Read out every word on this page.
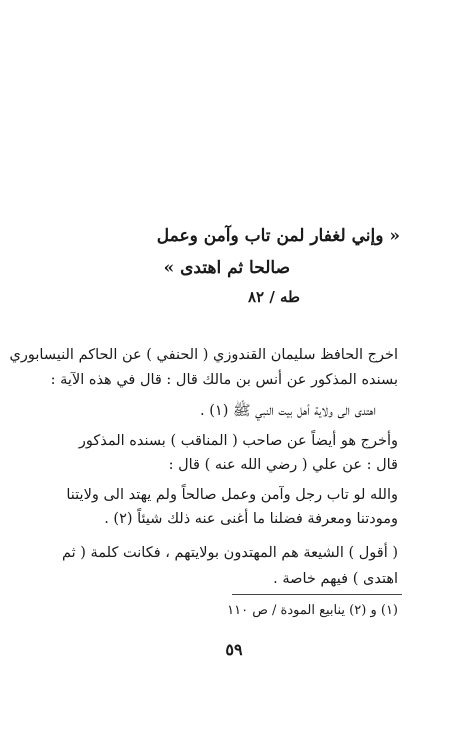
« وإني لغفار لمن تاب وآمن وعمل
صالحا ثم اهتدى »
طه / ٨٢
اخرج الحافظ سليمان القندوزي ( الحنفي ) عن الحاكم النيسابوري
بسنده المذكور عن أنس بن مالك قال : قال في هذه الآية :
اهتدى الى ولاية أهل بيت النبي ﷺ (١) .
وأخرج هو أيضاً عن صاحب ( المناقب ) بسنده المذكور
قال : عن علي ( رضي الله عنه ) قال :
والله لو تاب رجل وآمن وعمل صالحاً ولم يهتد الى ولايتنا
ومودتنا ومعرفة فضلنا ما أغنى عنه ذلك شيئاً (٢) .
( أقول ) الشيعة هم المهتدون بولايتهم ، فكانت كلمة ( ثم
اهتدى ) فيهم خاصة .
(١) و (٢) ينابيع المودة / ص ١١٠
٥٩
